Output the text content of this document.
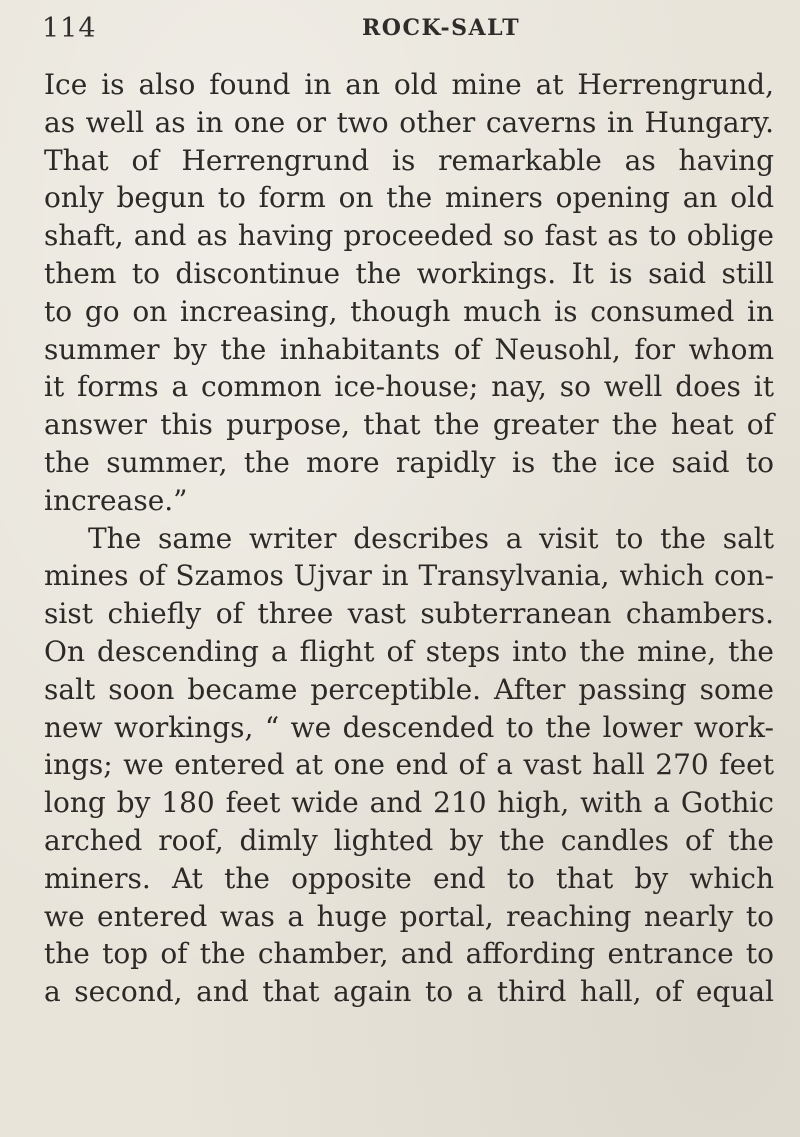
114	ROCK-SALT
Ice is also found in an old mine at Herrengrund,
as well as in one or two other caverns in Hungary.
That of Herrengrund is remarkable as having
only begun to form on the miners opening an old
shaft, and as having proceeded so fast as to oblige
them to discontinue the workings. It is said still
to go on increasing, though much is consumed in
summer by the inhabitants of Neusohl, for whom
it forms a common ice-house; nay, so well does it
answer this purpose, that the greater the heat of
the summer, the more rapidly is the ice said to
increase.”
The same writer describes a visit to the salt
mines of Szamos Ujvar in Transylvania, which con-
sist chiefly of three vast subterranean chambers.
On descending a flight of steps into the mine, the
salt soon became perceptible. After passing some
new workings, “ we descended to the lower work-
ings; we entered at one end of a vast hall 270 feet
long by 180 feet wide and 210 high, with a Gothic
arched roof, dimly lighted by the candles of the
miners. At the opposite end to that by which
we entered was a huge portal, reaching nearly to
the top of the chamber, and affording entrance to
a second, and that again to a third hall, of equal
